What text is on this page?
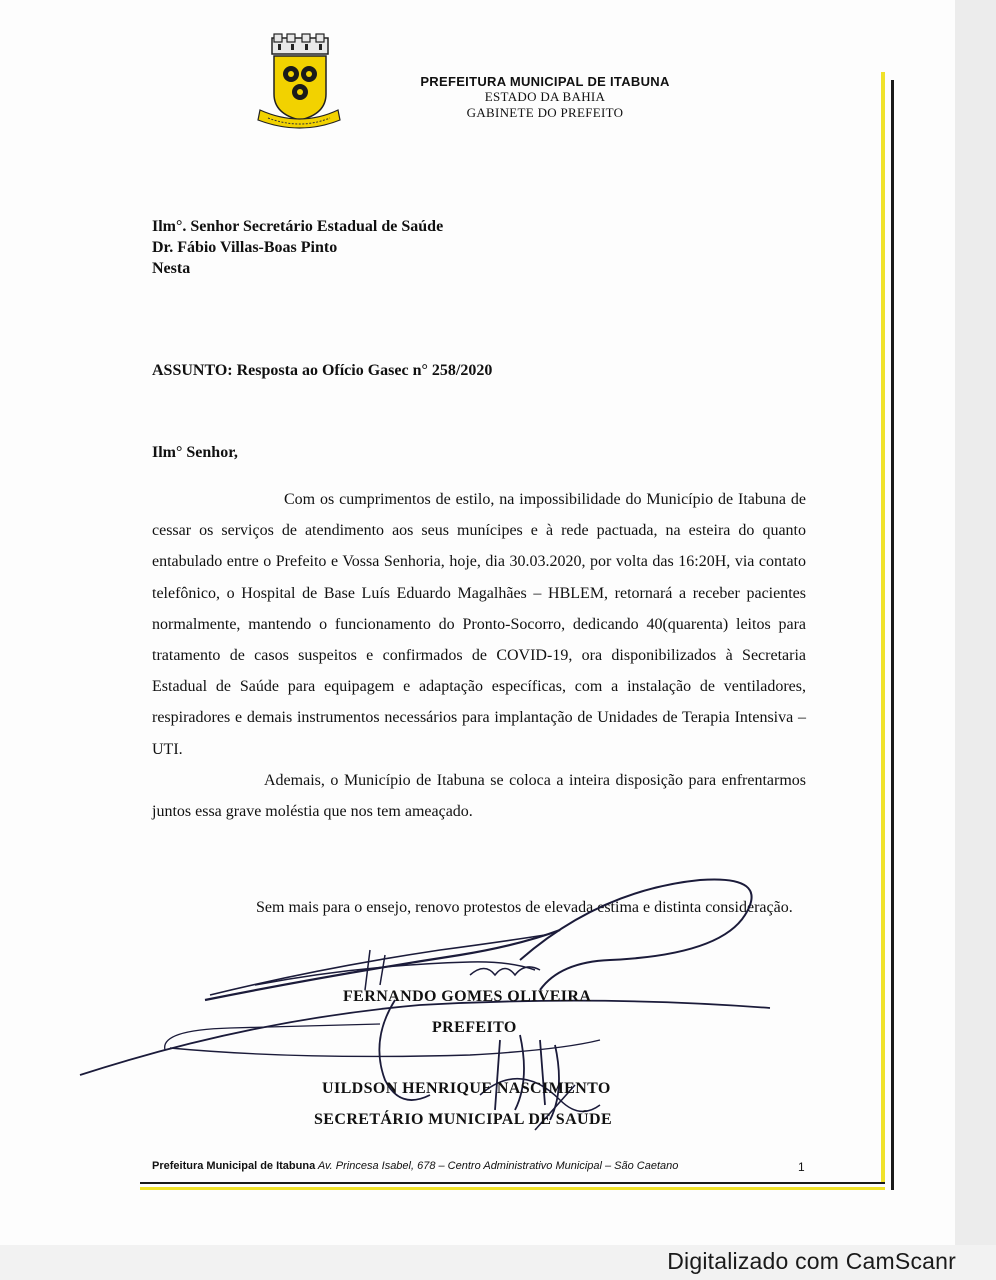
PREFEITURA MUNICIPAL DE ITABUNA
ESTADO DA BAHIA
GABINETE DO PREFEITO
Ilm°. Senhor Secretário Estadual de Saúde
Dr. Fábio Villas-Boas Pinto
Nesta
ASSUNTO: Resposta ao Ofício Gasec n° 258/2020
Ilm° Senhor,

Com os cumprimentos de estilo, na impossibilidade do Município de Itabuna de cessar os serviços de atendimento aos seus munícipes e à rede pactuada, na esteira do quanto entabulado entre o Prefeito e Vossa Senhoria, hoje, dia 30.03.2020, por volta das 16:20H, via contato telefônico, o Hospital de Base Luís Eduardo Magalhães – HBLEM, retornará a receber pacientes normalmente, mantendo o funcionamento do Pronto-Socorro, dedicando 40(quarenta) leitos para tratamento de casos suspeitos e confirmados de COVID-19, ora disponibilizados à Secretaria Estadual de Saúde para equipagem e adaptação específicas, com a instalação de ventiladores, respiradores e demais instrumentos necessários para implantação de Unidades de Terapia Intensiva – UTI.

Ademais, o Município de Itabuna se coloca a inteira disposição para enfrentarmos juntos essa grave moléstia que nos tem ameaçado.

Sem mais para o ensejo, renovo protestos de elevada estima e distinta consideração.
FERNANDO GOMES OLIVEIRA
PREFEITO
UILDSON HENRIQUE NASCIMENTO
SECRETÁRIO MUNICIPAL DE SAÚDE
Prefeitura Municipal de Itabuna Av. Princesa Isabel, 678 – Centro Administrativo Municipal – São Caetano	1
Digitalizado com CamScanr
